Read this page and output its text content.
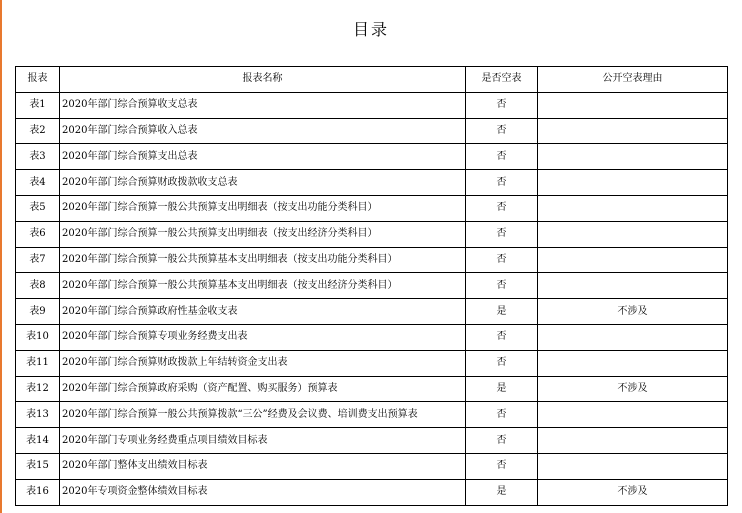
目录
报表	报表名称	是否空表	公开空表理由
表1	2020年部门综合预算收支总表	否	
表2	2020年部门综合预算收入总表	否	
表3	2020年部门综合预算支出总表	否	
表4	2020年部门综合预算财政拨款收支总表	否	
表5	2020年部门综合预算一般公共预算支出明细表（按支出功能分类科目）	否	
表6	2020年部门综合预算一般公共预算支出明细表（按支出经济分类科目）	否	
表7	2020年部门综合预算一般公共预算基本支出明细表（按支出功能分类科目）	否	
表8	2020年部门综合预算一般公共预算基本支出明细表（按支出经济分类科目）	否	
表9	2020年部门综合预算政府性基金收支表	是	不涉及
表10	2020年部门综合预算专项业务经费支出表	否	
表11	2020年部门综合预算财政拨款上年结转资金支出表	否	
表12	2020年部门综合预算政府采购（资产配置、购买服务）预算表	是	不涉及
表13	2020年部门综合预算一般公共预算拨款“三公”经费及会议费、培训费支出预算表	否	
表14	2020年部门专项业务经费重点项目绩效目标表	否	
表15	2020年部门整体支出绩效目标表	否	
表16	2020年专项资金整体绩效目标表	是	不涉及
